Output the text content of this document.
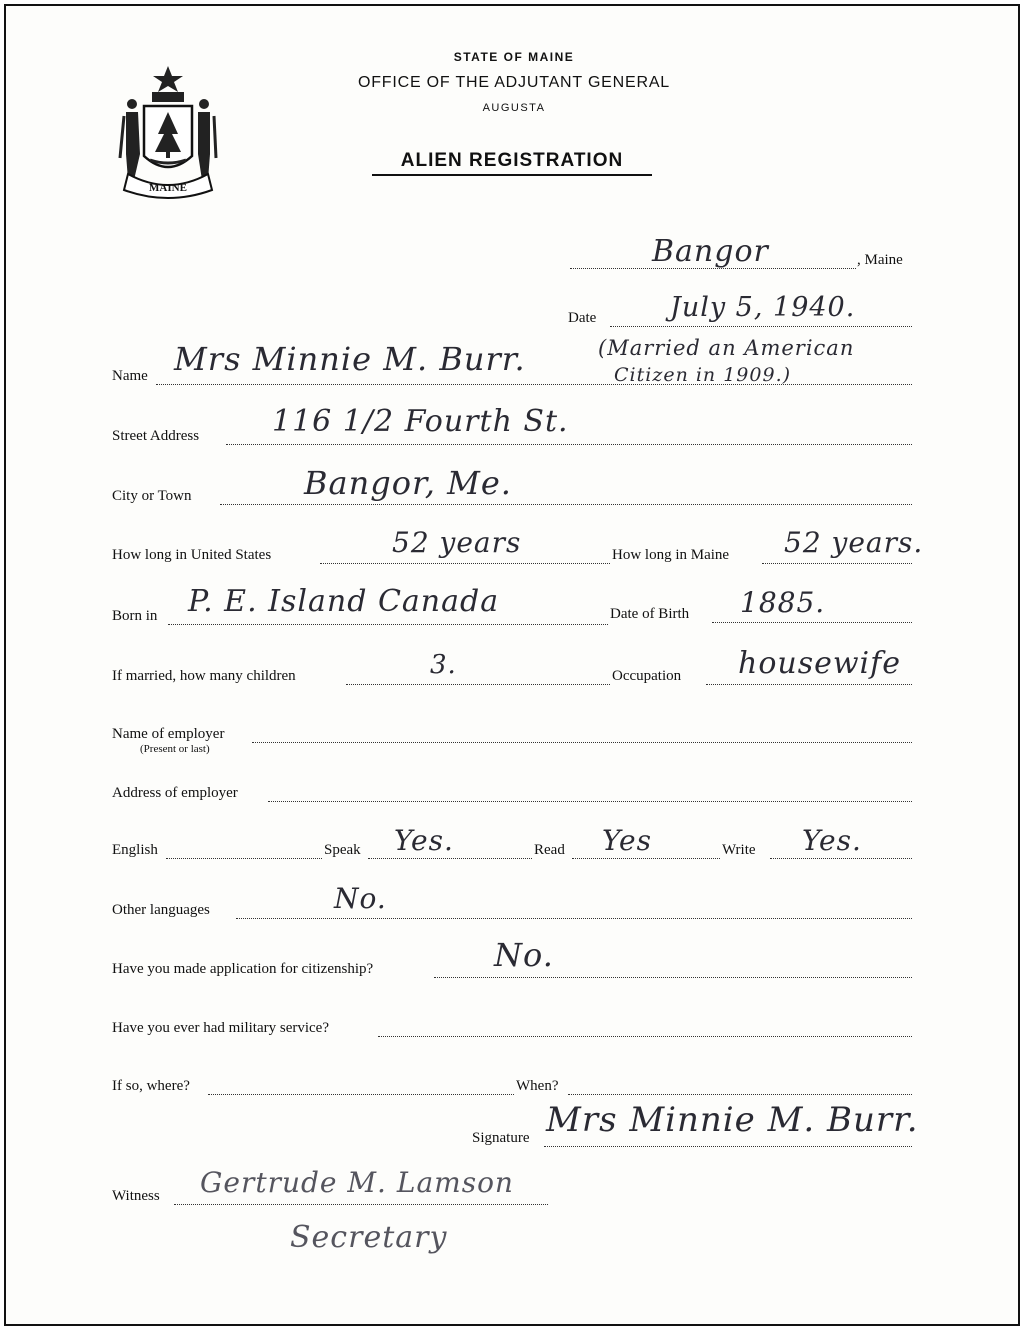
MAINE
STATE OF MAINE
OFFICE OF THE ADJUTANT GENERAL
AUGUSTA
ALIEN REGISTRATION
Bangor	, Maine
Date	July 5, 1940.
Name Mrs Minnie M. Burr.	(Married an American
Citizen in 1909.)
Street Address 116 1/2 Fourth St.
City or Town	Bangor, Me.
How long in United States	52 years	How long in Maine 52 years.
Born in P. E. Island Canada	Date of Birth 1885.
If married, how many children	3.	Occupation housewife
Name of employer
(Present or last)
Address of employer
English	Speak Yes.	Read Yes	Write Yes.
Other languages	No.
Have you made application for citizenship?	No.
Have you ever had military service?
If so, where?	When?
Signature Mrs Minnie M. Burr.
Witness Gertrude M. Lamson
Secretary
